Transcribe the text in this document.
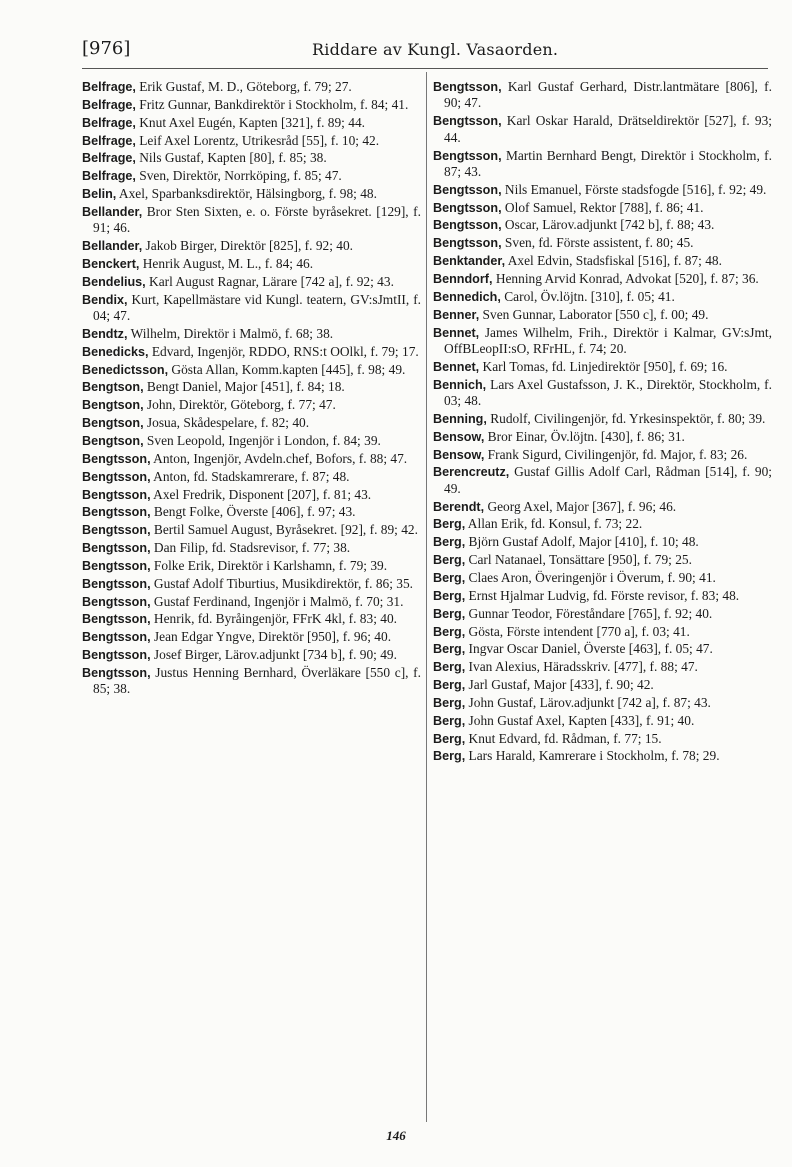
[976]	Riddare av Kungl. Vasaorden.

Belfrage, Erik Gustaf, M. D., Göteborg, f. 79; 27.

Belfrage, Fritz Gunnar, Bankdirektör i Stockholm, f. 84; 41.

Belfrage, Knut Axel Eugén, Kapten [321], f. 89; 44.

Belfrage, Leif Axel Lorentz, Utrikesråd [55], f. 10; 42.

Belfrage, Nils Gustaf, Kapten [80], f. 85; 38.

Belfrage, Sven, Direktör, Norrköping, f. 85; 47.

Belin, Axel, Sparbanksdirektör, Hälsingborg, f. 98; 48.

Bellander, Bror Sten Sixten, e. o. Förste byråsekret. [129], f. 91; 46.

Bellander, Jakob Birger, Direktör [825], f. 92; 40.

Benckert, Henrik August, M. L., f. 84; 46.

Bendelius, Karl August Ragnar, Lärare [742 a], f. 92; 43.

Bendix, Kurt, Kapellmästare vid Kungl. teatern, GV:sJmtII, f. 04; 47.

Bendtz, Wilhelm, Direktör i Malmö, f. 68; 38.

Benedicks, Edvard, Ingenjör, RDDO, RNS:t OOlkl, f. 79; 17.

Benedictsson, Gösta Allan, Komm.kapten [445], f. 98; 49.

Bengtson, Bengt Daniel, Major [451], f. 84; 18.

Bengtson, John, Direktör, Göteborg, f. 77; 47.

Bengtson, Josua, Skådespelare, f. 82; 40.

Bengtson, Sven Leopold, Ingenjör i London, f. 84; 39.

Bengtsson, Anton, Ingenjör, Avdeln.chef, Bofors, f. 88; 47.

Bengtsson, Anton, fd. Stadskamrerare, f. 87; 48.

Bengtsson, Axel Fredrik, Disponent [207], f. 81; 43.

Bengtsson, Bengt Folke, Överste [406], f. 97; 43.

Bengtsson, Bertil Samuel August, Byråsekret. [92], f. 89; 42.

Bengtsson, Dan Filip, fd. Stadsrevisor, f. 77; 38.

Bengtsson, Folke Erik, Direktör i Karlshamn, f. 79; 39.

Bengtsson, Gustaf Adolf Tiburtius, Musikdirektör, f. 86; 35.

Bengtsson, Gustaf Ferdinand, Ingenjör i Malmö, f. 70; 31.

Bengtsson, Henrik, fd. Byråingenjör, FFrK 4kl, f. 83; 40.

Bengtsson, Jean Edgar Yngve, Direktör [950], f. 96; 40.

Bengtsson, Josef Birger, Lärov.adjunkt [734 b], f. 90; 49.

Bengtsson, Justus Henning Bernhard, Överläkare [550 c], f. 85; 38.

Bengtsson, Karl Gustaf Gerhard, Distr.lantmätare [806], f. 90; 47.

Bengtsson, Karl Oskar Harald, Drätseldirektör [527], f. 93; 44.

Bengtsson, Martin Bernhard Bengt, Direktör i Stockholm, f. 87; 43.

Bengtsson, Nils Emanuel, Förste stadsfogde [516], f. 92; 49.

Bengtsson, Olof Samuel, Rektor [788], f. 86; 41.

Bengtsson, Oscar, Lärov.adjunkt [742 b], f. 88; 43.

Bengtsson, Sven, fd. Förste assistent, f. 80; 45.

Benktander, Axel Edvin, Stadsfiskal [516], f. 87; 48.

Benndorf, Henning Arvid Konrad, Advokat [520], f. 87; 36.

Bennedich, Carol, Öv.löjtn. [310], f. 05; 41.

Benner, Sven Gunnar, Laborator [550 c], f. 00; 49.

Bennet, James Wilhelm, Frih., Direktör i Kalmar, GV:sJmt, OffBLeopII:sO, RFrHL, f. 74; 20.

Bennet, Karl Tomas, fd. Linjedirektör [950], f. 69; 16.

Bennich, Lars Axel Gustafsson, J. K., Direktör, Stockholm, f. 03; 48.

Benning, Rudolf, Civilingenjör, fd. Yrkesinspektör, f. 80; 39.

Bensow, Bror Einar, Öv.löjtn. [430], f. 86; 31.

Bensow, Frank Sigurd, Civilingenjör, fd. Major, f. 83; 26.

Berencreutz, Gustaf Gillis Adolf Carl, Rådman [514], f. 90; 49.

Berendt, Georg Axel, Major [367], f. 96; 46.

Berg, Allan Erik, fd. Konsul, f. 73; 22.

Berg, Björn Gustaf Adolf, Major [410], f. 10; 48.

Berg, Carl Natanael, Tonsättare [950], f. 79; 25.

Berg, Claes Aron, Överingenjör i Överum, f. 90; 41.

Berg, Ernst Hjalmar Ludvig, fd. Förste revisor, f. 83; 48.

Berg, Gunnar Teodor, Föreståndare [765], f. 92; 40.

Berg, Gösta, Förste intendent [770 a], f. 03; 41.

Berg, Ingvar Oscar Daniel, Överste [463], f. 05; 47.

Berg, Ivan Alexius, Häradsskriv. [477], f. 88; 47.

Berg, Jarl Gustaf, Major [433], f. 90; 42.

Berg, John Gustaf, Lärov.adjunkt [742 a], f. 87; 43.

Berg, John Gustaf Axel, Kapten [433], f. 91; 40.

Berg, Knut Edvard, fd. Rådman, f. 77; 15.

Berg, Lars Harald, Kamrerare i Stockholm, f. 78; 29.

146
